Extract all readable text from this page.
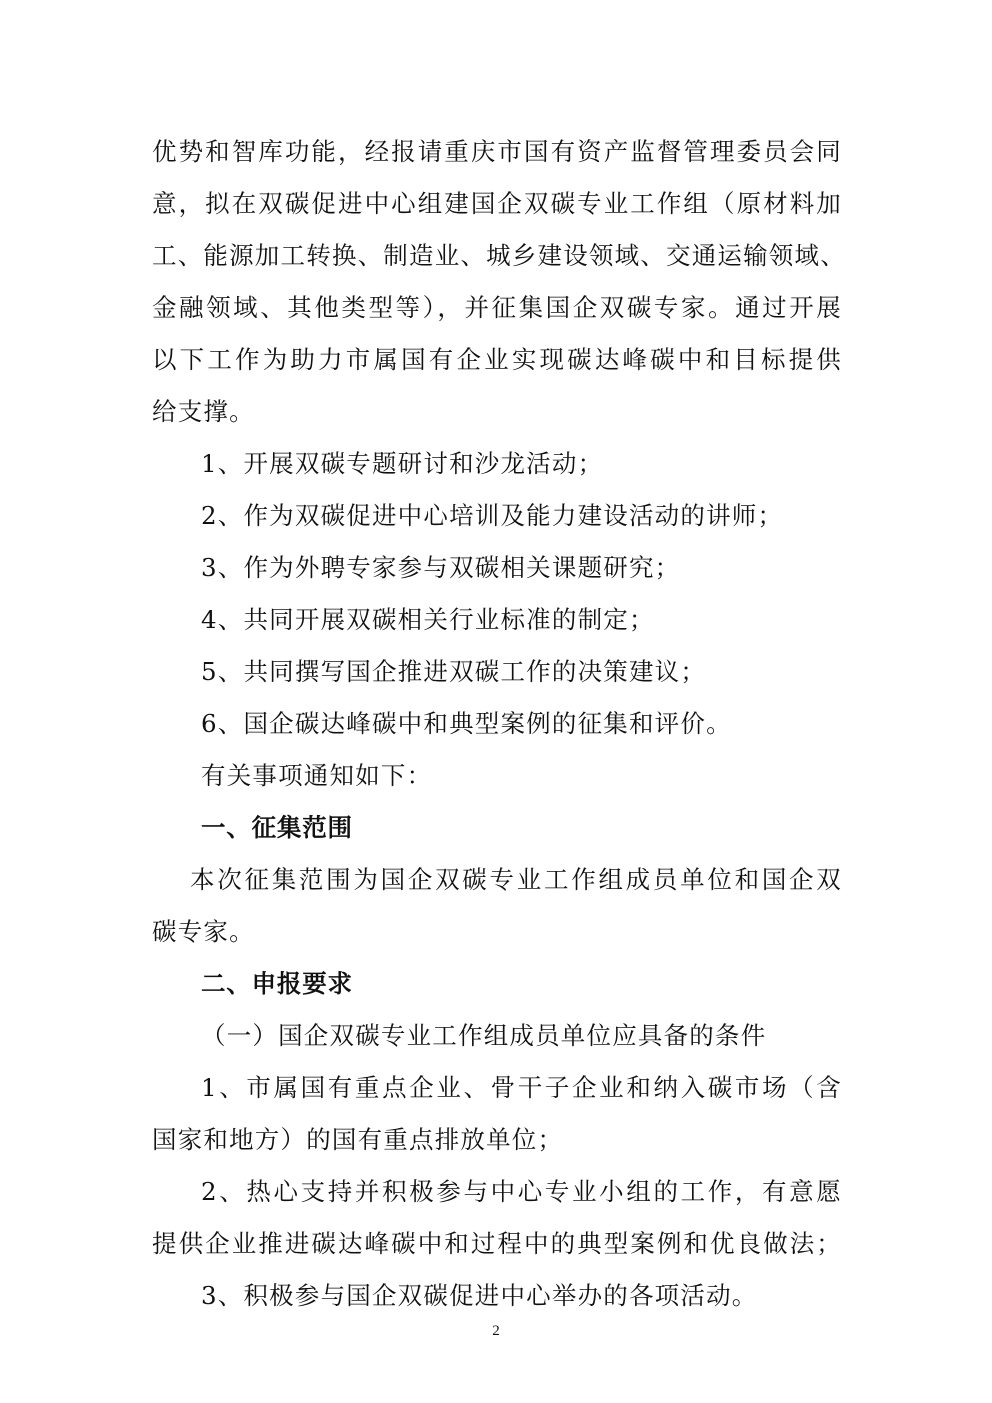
优势和智库功能，经报请重庆市国有资产监督管理委员会同
意，拟在双碳促进中心组建国企双碳专业工作组（原材料加
工、能源加工转换、制造业、城乡建设领域、交通运输领域、
金融领域、其他类型等），并征集国企双碳专家。通过开展
以下工作为助力市属国有企业实现碳达峰碳中和目标提供
给支撑。
1、开展双碳专题研讨和沙龙活动；
2、作为双碳促进中心培训及能力建设活动的讲师；
3、作为外聘专家参与双碳相关课题研究；
4、共同开展双碳相关行业标准的制定；
5、共同撰写国企推进双碳工作的决策建议；
6、国企碳达峰碳中和典型案例的征集和评价。
有关事项通知如下：
一、征集范围
本次征集范围为国企双碳专业工作组成员单位和国企双
碳专家。
二、申报要求
（一）国企双碳专业工作组成员单位应具备的条件
1、市属国有重点企业、骨干子企业和纳入碳市场（含
国家和地方）的国有重点排放单位；
2、热心支持并积极参与中心专业小组的工作，有意愿
提供企业推进碳达峰碳中和过程中的典型案例和优良做法；
3、积极参与国企双碳促进中心举办的各项活动。
2
